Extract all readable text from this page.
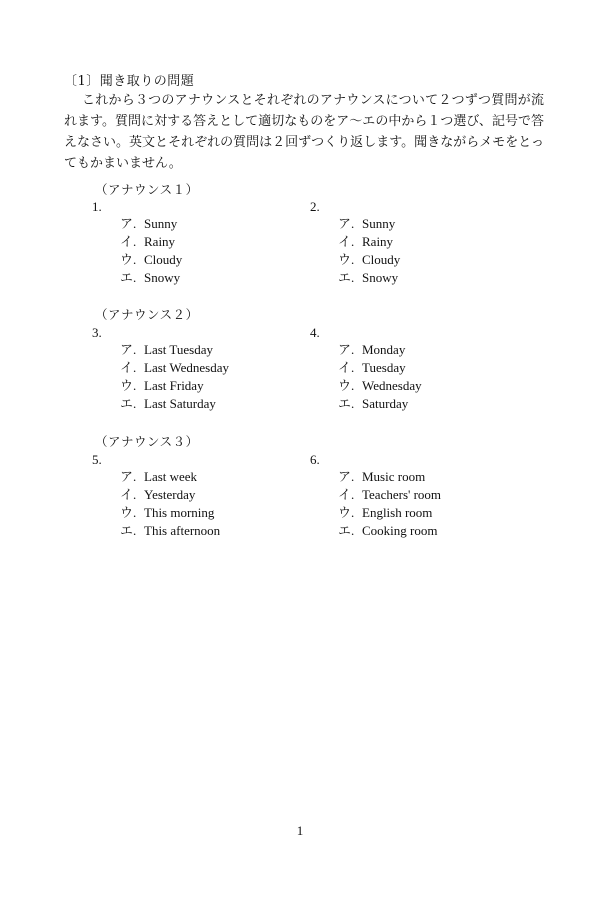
〔1〕聞き取りの問題
これから３つのアナウンスとそれぞれのアナウンスについて２つずつ質問が流れます。質問に対する答えとして適切なものをア～エの中から１つ選び、記号で答えなさい。英文とそれぞれの質問は２回ずつくり返します。聞きながらメモをとってもかまいません。
（アナウンス１）
1.
ア. Sunny
イ. Rainy
ウ. Cloudy
エ. Snowy
2.
ア. Sunny
イ. Rainy
ウ. Cloudy
エ. Snowy
（アナウンス２）
3.
ア. Last Tuesday
イ. Last Wednesday
ウ. Last Friday
エ. Last Saturday
4.
ア. Monday
イ. Tuesday
ウ. Wednesday
エ. Saturday
（アナウンス３）
5.
ア. Last week
イ. Yesterday
ウ. This morning
エ. This afternoon
6.
ア. Music room
イ. Teachers' room
ウ. English room
エ. Cooking room
1
